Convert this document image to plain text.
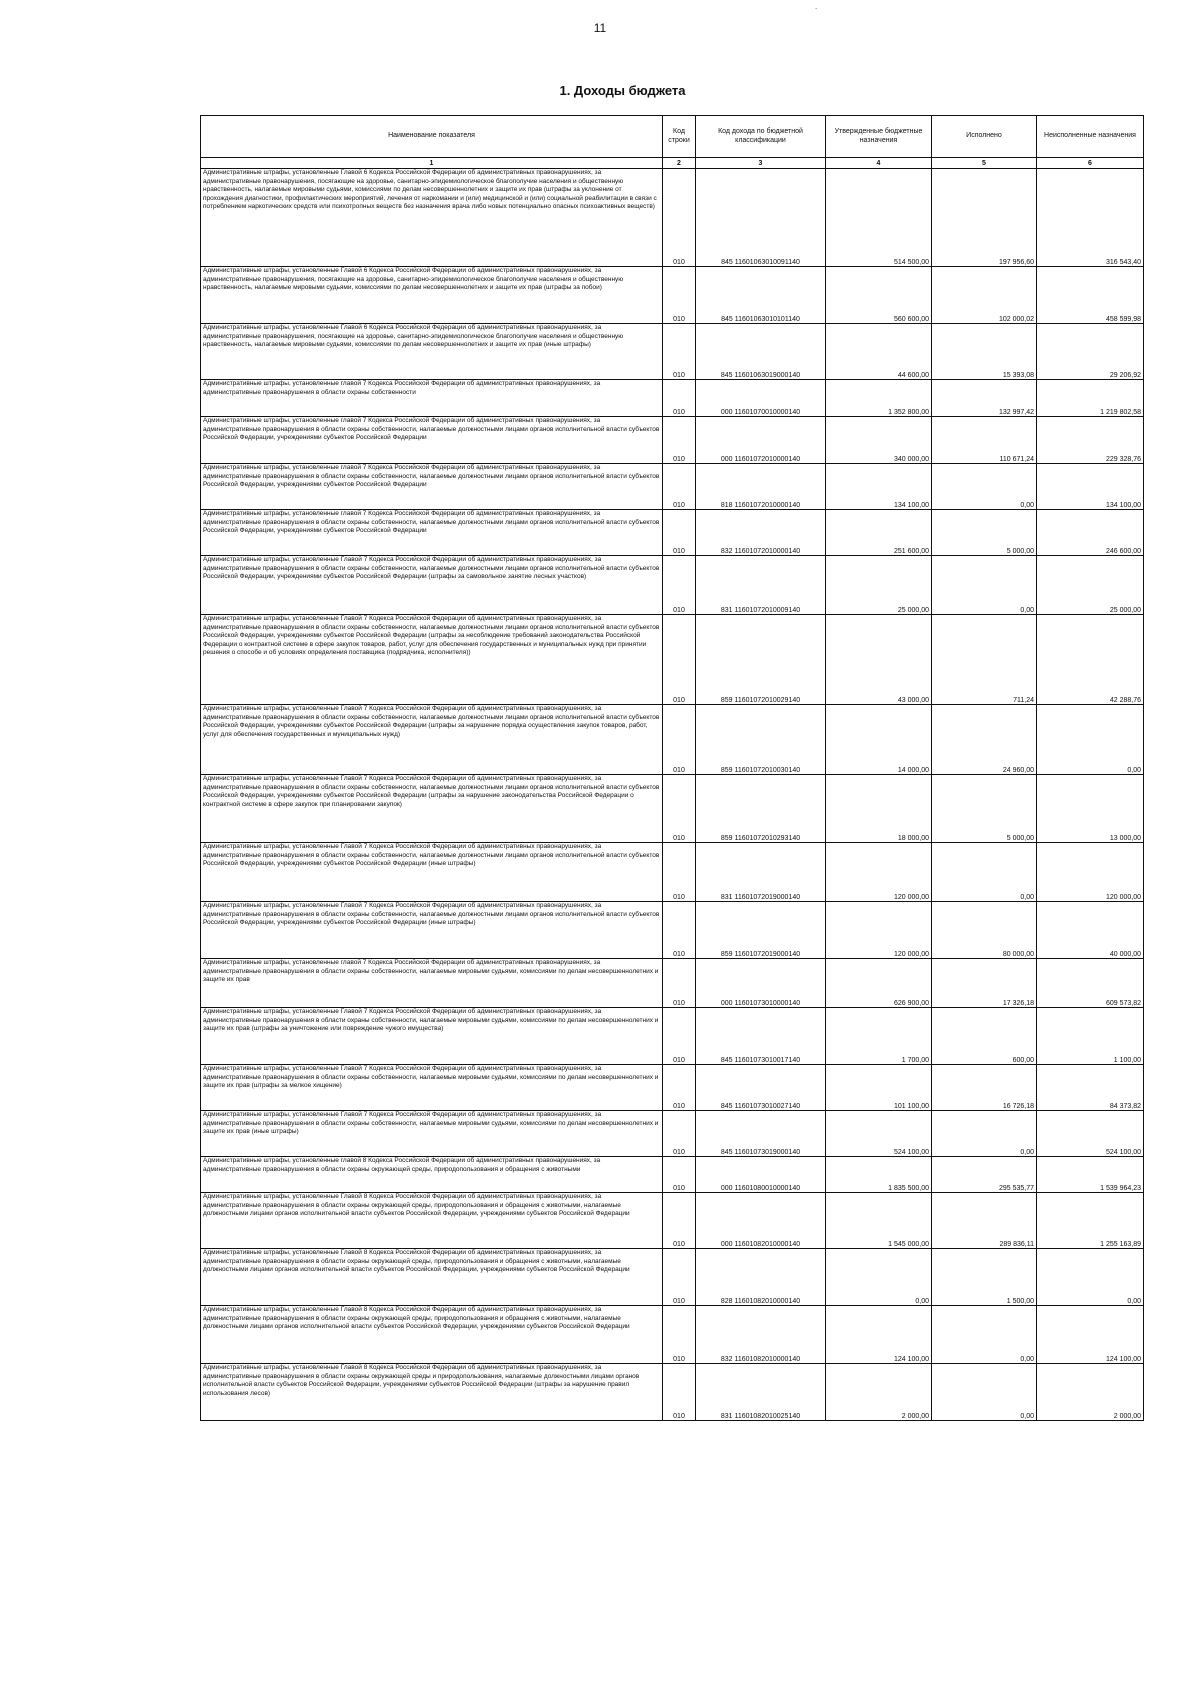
11
1. Доходы бюджета
Наименование показателя	Код строки	Код дохода по бюджетной классификации	Утвержденные бюджетные назначения	Исполнено	Неисполненные назначения
1	2	3	4	5	6
Административные штрафы, установленные Главой 6 Кодекса Российской Федерации об административных правонарушениях, за административные правонарушения, посягающие на здоровье, санитарно-эпидемиологическое благополучие населения и общественную нравственность, налагаемые мировыми судьями, комиссиями по делам несовершеннолетних и защите их прав (штрафы за уклонение от прохождения диагностики, профилактических мероприятий, лечения от наркомании и (или) медицинской и (или) социальной реабилитации в связи с потреблением наркотических средств или психотропных веществ без назначения врача либо новых потенциально опасных психоактивных веществ)	010	845 11601063010091140	514 500,00	197 956,60	316 543,40
Административные штрафы, установленные Главой 6 Кодекса Российской Федерации об административных правонарушениях, за административные правонарушения, посягающие на здоровье, санитарно-эпидемиологическое благополучие населения и общественную нравственность, налагаемые мировыми судьями, комиссиями по делам несовершеннолетних и защите их прав (штрафы за побои)	010	845 11601063010101140	560 600,00	102 000,02	458 599,98
Административные штрафы, установленные Главой 6 Кодекса Российской Федерации об административных правонарушениях, за административные правонарушения, посягающие на здоровье, санитарно-эпидемиологическое благополучие населения и общественную нравственность, налагаемые мировыми судьями, комиссиями по делам несовершеннолетних и защите их прав (иные штрафы)	010	845 11601063019000140	44 600,00	15 393,08	29 206,92
Административные штрафы, установленные главой 7 Кодекса Российской Федерации об административных правонарушениях, за административные правонарушения в области охраны собственности	010	000 11601070010000140	1 352 800,00	132 997,42	1 219 802,58
Административные штрафы, установленные главой 7 Кодекса Российской Федерации об административных правонарушениях, за административные правонарушения в области охраны собственности, налагаемые должностными лицами органов исполнительной власти субъектов Российской Федерации, учреждениями субъектов Российской Федерации	010	000 11601072010000140	340 000,00	110 671,24	229 328,76
Административные штрафы, установленные главой 7 Кодекса Российской Федерации об административных правонарушениях, за административные правонарушения в области охраны собственности, налагаемые должностными лицами органов исполнительной власти субъектов Российской Федерации, учреждениями субъектов Российской Федерации	010	818 11601072010000140	134 100,00	0,00	134 100,00
Административные штрафы, установленные главой 7 Кодекса Российской Федерации об административных правонарушениях, за административные правонарушения в области охраны собственности, налагаемые должностными лицами органов исполнительной власти субъектов Российской Федерации, учреждениями субъектов Российской Федерации	010	832 11601072010000140	251 600,00	5 000,00	246 600,00
Административные штрафы, установленные Главой 7 Кодекса Российской Федерации об административных правонарушениях, за административные правонарушения в области охраны собственности, налагаемые должностными лицами органов исполнительной власти субъектов Российской Федерации, учреждениями субъектов Российской Федерации (штрафы за самовольное занятие лесных участков)	010	831 11601072010009140	25 000,00	0,00	25 000,00
Административные штрафы, установленные Главой 7 Кодекса Российской Федерации об административных правонарушениях, за административные правонарушения в области охраны собственности, налагаемые должностными лицами органов исполнительной власти субъектов Российской Федерации, учреждениями субъектов Российской Федерации (штрафы за несоблюдение требований законодательства Российской Федерации о контрактной системе в сфере закупок товаров, работ, услуг для обеспечения государственных и муниципальных нужд при принятии решения о способе и об условиях определения поставщика (подрядчика, исполнителя))	010	859 11601072010029140	43 000,00	711,24	42 288,76
Административные штрафы, установленные Главой 7 Кодекса Российской Федерации об административных правонарушениях, за административные правонарушения в области охраны собственности, налагаемые должностными лицами органов исполнительной власти субъектов Российской Федерации, учреждениями субъектов Российской Федерации (штрафы за нарушение порядка осуществления закупок товаров, работ, услуг для обеспечения государственных и муниципальных нужд)	010	859 11601072010030140	14 000,00	24 960,00	0,00
Административные штрафы, установленные Главой 7 Кодекса Российской Федерации об административных правонарушениях, за административные правонарушения в области охраны собственности, налагаемые должностными лицами органов исполнительной власти субъектов Российской Федерации, учреждениями субъектов Российской Федерации (штрафы за нарушение законодательства Российской Федерации о контрактной системе в сфере закупок при планировании закупок)	010	859 11601072010293140	18 000,00	5 000,00	13 000,00
Административные штрафы, установленные Главой 7 Кодекса Российской Федерации об административных правонарушениях, за административные правонарушения в области охраны собственности, налагаемые должностными лицами органов исполнительной власти субъектов Российской Федерации, учреждениями субъектов Российской Федерации (иные штрафы)	010	831 11601072019000140	120 000,00	0,00	120 000,00
Административные штрафы, установленные Главой 7 Кодекса Российской Федерации об административных правонарушениях, за административные правонарушения в области охраны собственности, налагаемые должностными лицами органов исполнительной власти субъектов Российской Федерации, учреждениями субъектов Российской Федерации (иные штрафы)	010	859 11601072019000140	120 000,00	80 000,00	40 000,00
Административные штрафы, установленные главой 7 Кодекса Российской Федерации об административных правонарушениях, за административные правонарушения в области охраны собственности, налагаемые мировыми судьями, комиссиями по делам несовершеннолетних и защите их прав	010	000 11601073010000140	626 900,00	17 326,18	609 573,82
Административные штрафы, установленные Главой 7 Кодекса Российской Федерации об административных правонарушениях, за административные правонарушения в области охраны собственности, налагаемые мировыми судьями, комиссиями по делам несовершеннолетних и защите их прав (штрафы за уничтожение или повреждение чужого имущества)	010	845 11601073010017140	1 700,00	600,00	1 100,00
Административные штрафы, установленные Главой 7 Кодекса Российской Федерации об административных правонарушениях, за административные правонарушения в области охраны собственности, налагаемые мировыми судьями, комиссиями по делам несовершеннолетних и защите их прав (штрафы за мелкое хищение)	010	845 11601073010027140	101 100,00	16 726,18	84 373,82
Административные штрафы, установленные Главой 7 Кодекса Российской Федерации об административных правонарушениях, за административные правонарушения в области охраны собственности, налагаемые мировыми судьями, комиссиями по делам несовершеннолетних и защите их прав (иные штрафы)	010	845 11601073019000140	524 100,00	0,00	524 100,00
Административные штрафы, установленные главой 8 Кодекса Российской Федерации об административных правонарушениях, за административные правонарушения в области охраны окружающей среды, природопользования и обращения с животными	010	000 11601080010000140	1 835 500,00	295 535,77	1 539 964,23
Административные штрафы, установленные Главой 8 Кодекса Российской Федерации об административных правонарушениях, за административные правонарушения в области охраны окружающей среды, природопользования и обращения с животными, налагаемые должностными лицами органов исполнительной власти субъектов Российской Федерации, учреждениями субъектов Российской Федерации	010	000 11601082010000140	1 545 000,00	289 836,11	1 255 163,89
Административные штрафы, установленные Главой 8 Кодекса Российской Федерации об административных правонарушениях, за административные правонарушения в области охраны окружающей среды, природопользования и обращения с животными, налагаемые должностными лицами органов исполнительной власти субъектов Российской Федерации, учреждениями субъектов Российской Федерации	010	828 11601082010000140	0,00	1 500,00	0,00
Административные штрафы, установленные Главой 8 Кодекса Российской Федерации об административных правонарушениях, за административные правонарушения в области охраны окружающей среды, природопользования и обращения с животными, налагаемые должностными лицами органов исполнительной власти субъектов Российской Федерации, учреждениями субъектов Российской Федерации	010	832 11601082010000140	124 100,00	0,00	124 100,00
Административные штрафы, установленные Главой 8 Кодекса Российской Федерации об административных правонарушениях, за административные правонарушения в области охраны окружающей среды и природопользования, налагаемые должностными лицами органов исполнительной власти субъектов Российской Федерации, учреждениями субъектов Российской Федерации (штрафы за нарушение правил использования лесов)	010	831 11601082010025140	2 000,00	0,00	2 000,00
.
